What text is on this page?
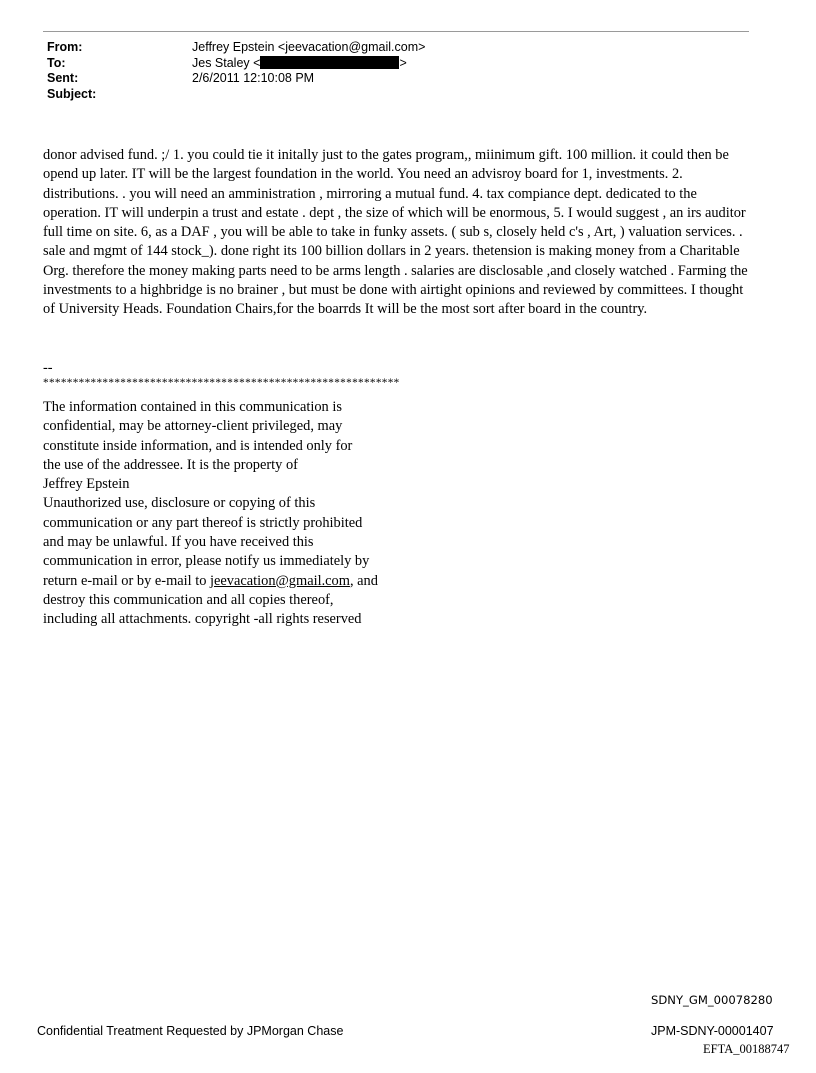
From:	Jeffrey Epstein <jeevacation@gmail.com>
To:	Jes Staley <	>
Sent:	2/6/2011 12:10:08 PM
Subject:

donor advised fund. ;/ 1. you could tie it initally just to the gates program,, miinimum gift. 100 million. it could then be opend up later. IT will be the largest foundation in the world. You need an advisroy board for 1, investments. 2. distributions. . you will need an amministration , mirroring a mutual fund. 4. tax compiance dept. dedicated to the operation. IT will underpin a trust and estate . dept , the size of which will be enormous, 5. I would suggest , an irs auditor full time on site. 6, as a DAF , you will be able to take in funky assets. ( sub s, closely held c's , Art, ) valuation services. . sale and mgmt of 144 stock_). done right its 100 billion dollars in 2 years. thetension is making money from a Charitable Org. therefore the money making parts need to be arms length . salaries are disclosable ,and closely watched . Farming the investments to a highbridge is no brainer , but must be done with airtight opinions and reviewed by committees. I thought of University Heads. Foundation Chairs,for the boarrds It will be the most sort after board in the country.

--
************************************************************
The information contained in this communication is
confidential, may be attorney-client privileged, may
constitute inside information, and is intended only for
the use of the addressee. It is the property of
Jeffrey Epstein
Unauthorized use, disclosure or copying of this
communication or any part thereof is strictly prohibited
and may be unlawful. If you have received this
communication in error, please notify us immediately by
return e-mail or by e-mail to jeevacation@gmail.com, and
destroy this communication and all copies thereof,
including all attachments. copyright -all rights reserved
SDNY_GM_00078280
Confidential Treatment Requested by JPMorgan Chase	JPM-SDNY-00001407
EFTA_00188747
